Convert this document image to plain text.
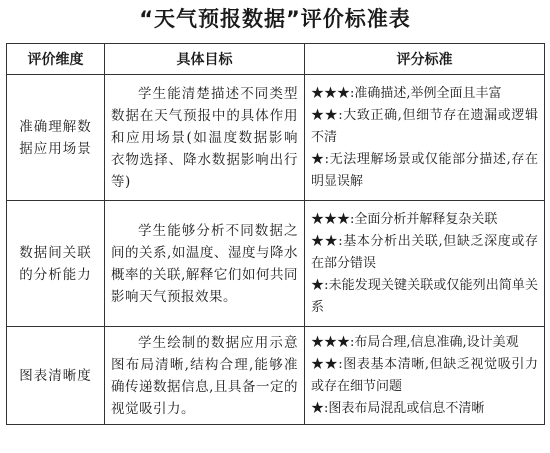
“天气预报数据”评价标准表
评价维度	具体目标	评分标准
准确理解数据应用场景	学生能清楚描述不同类型数据在天气预报中的具体作用和应用场景(如温度数据影响衣物选择、降水数据影响出行等)	★★★:准确描述,举例全面且丰富
★★:大致正确,但细节存在遗漏或逻辑不清
★:无法理解场景或仅能部分描述,存在明显误解

数据间关联的分析能力	学生能够分析不同数据之间的关系,如温度、湿度与降水概率的关联,解释它们如何共同影响天气预报效果。	★★★:全面分析并解释复杂关联
★★:基本分析出关联,但缺乏深度或存在部分错误
★:未能发现关键关联或仅能列出简单关系

图表清晰度	学生绘制的数据应用示意图布局清晰,结构合理,能够准确传递数据信息,且具备一定的视觉吸引力。	★★★:布局合理,信息准确,设计美观
★★:图表基本清晰,但缺乏视觉吸引力或存在细节问题
★:图表布局混乱或信息不清晰
